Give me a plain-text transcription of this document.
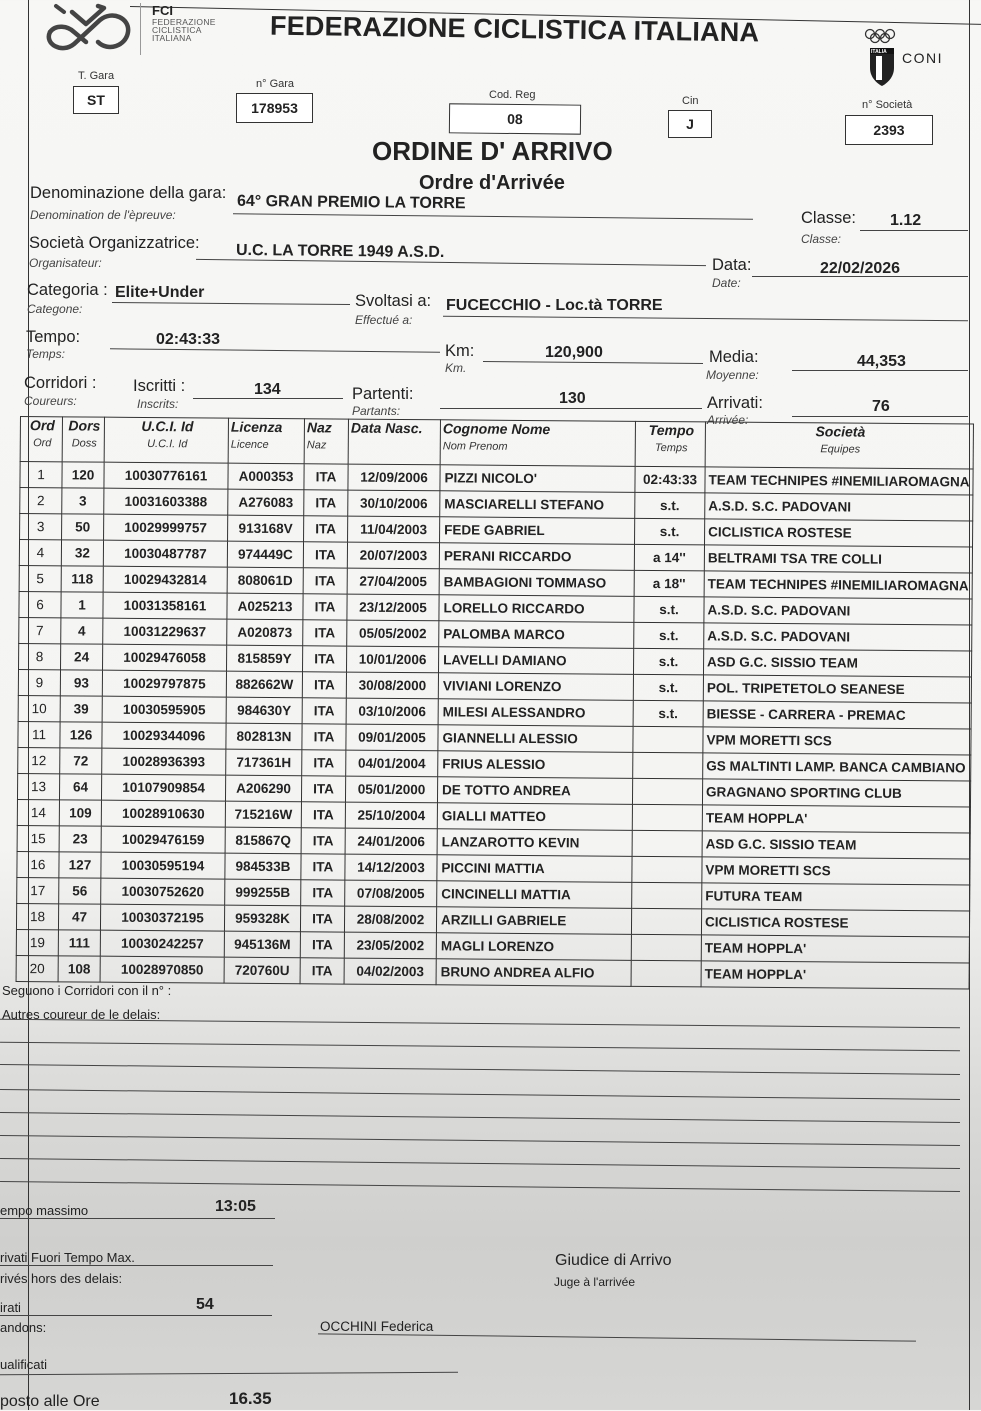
FCI
FEDERAZIONE
CICLISTICA
ITALIANA	FEDERAZIONE CICLISTICA ITALIANA
ITALIA CONI
T. Gara
ST
n° Gara
178953
Cod. Reg
08
Cin
J
n° Società
2393
ORDINE D' ARRIVO
Ordre d'Arrivée
Denominazione della gara:
Denomination de l'èpreuve:
64° GRAN PREMIO LA TORRE
Classe:
Classe:
1.12
Società Organizzatrice:
Organisateur:
U.C. LA TORRE 1949 A.S.D.
Data:
Date:
22/02/2026
Categoria :
Categone:
Elite+Under	Svoltasi a:
Effectué a:
FUCECCHIO - Loc.tà TORRE
Tempo:
Temps:
02:43:33
Km:
Km.
120,900	Media:
Moyenne:
44,353
Corridori :
Coureurs:
Iscritti :
Inscrits:
134	Partenti:
Partants:
130	Arrivati:
Arrivée:
76
Ord
Ord	Dors
Doss	U.C.I. Id
U.C.I. Id	Licenza
Licence	Naz
Naz	Data Nasc.	Cognome Nome
Nom Prenom	Tempo
Temps	Società
Equipes

1	120	10030776161	A000353	ITA	12/09/2006	PIZZI NICOLO'	02:43:33	TEAM TECHNIPES #INEMILIAROMAGNA
2	3	10031603388	A276083	ITA	30/10/2006	MASCIARELLI STEFANO	s.t.	A.S.D. S.C. PADOVANI
3	50	10029999757	913168V	ITA	11/04/2003	FEDE GABRIEL	s.t.	CICLISTICA ROSTESE
4	32	10030487787	974449C	ITA	20/07/2003	PERANI RICCARDO	a 14''	BELTRAMI TSA TRE COLLI
5	118	10029432814	808061D	ITA	27/04/2005	BAMBAGIONI TOMMASO	a 18''	TEAM TECHNIPES #INEMILIAROMAGNA
6	1	10031358161	A025213	ITA	23/12/2005	LORELLO RICCARDO	s.t.	A.S.D. S.C. PADOVANI
7	4	10031229637	A020873	ITA	05/05/2002	PALOMBA MARCO	s.t.	A.S.D. S.C. PADOVANI
8	24	10029476058	815859Y	ITA	10/01/2006	LAVELLI DAMIANO	s.t.	ASD G.C. SISSIO TEAM
9	93	10029797875	882662W	ITA	30/08/2000	VIVIANI LORENZO	s.t.	POL. TRIPETETOLO SEANESE
10	39	10030595905	984630Y	ITA	03/10/2006	MILESI ALESSANDRO	s.t.	BIESSE - CARRERA - PREMAC
11	126	10029344096	802813N	ITA	09/01/2005	GIANNELLI ALESSIO		VPM MORETTI SCS
12	72	10028936393	717361H	ITA	04/01/2004	FRIUS ALESSIO		GS MALTINTI LAMP. BANCA CAMBIANO
13	64	10107909854	A206290	ITA	05/01/2000	DE TOTTO ANDREA		GRAGNANO SPORTING CLUB
14	109	10028910630	715216W	ITA	25/10/2004	GIALLI MATTEO		TEAM HOPPLA'
15	23	10029476159	815867Q	ITA	24/01/2006	LANZAROTTO KEVIN		ASD G.C. SISSIO TEAM
16	127	10030595194	984533B	ITA	14/12/2003	PICCINI MATTIA		VPM MORETTI SCS
17	56	10030752620	999255B	ITA	07/08/2005	CINCINELLI MATTIA		FUTURA TEAM
18	47	10030372195	959328K	ITA	28/08/2002	ARZILLI GABRIELE		CICLISTICA ROSTESE
19	111	10030242257	945136M	ITA	23/05/2002	MAGLI LORENZO		TEAM HOPPLA'
20	108	10028970850	720760U	ITA	04/02/2003	BRUNO ANDREA ALFIO		TEAM HOPPLA'
Seguono i Corridori con il n° :
Autres coureur de le delais:
empo massimo	13:05
rivati Fuori Tempo Max.
rivés hors des delais:
irati	54
andons:
ualificati
posto alle Ore	16.35
Giudice di Arrivo
Juge à l'arrivée
OCCHINI Federica
